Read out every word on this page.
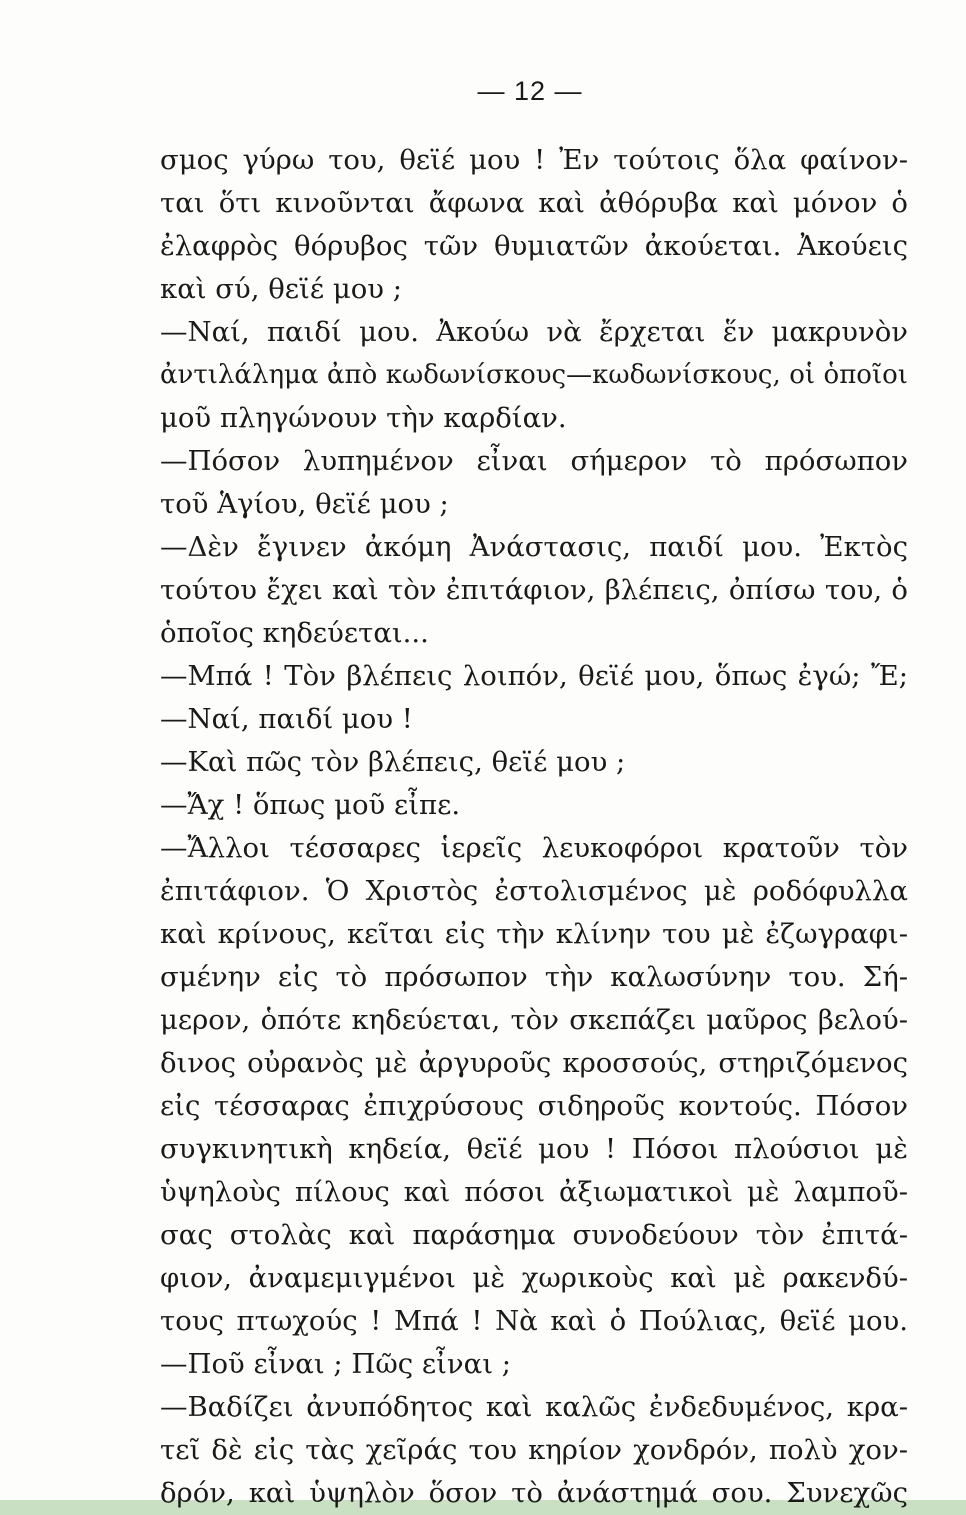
— 12 —
σμος γύρω του, θεϊέ μου ! Ἐν τούτοις ὅλα φαίνον-
ται ὅτι κινοῦνται ἄφωνα καὶ ἀθόρυβα καὶ μόνον ὁ
ἐλαφρὸς θόρυβος τῶν θυμιατῶν ἀκούεται. Ἀκούεις
καὶ σύ, θεϊέ μου ;
—Ναί, παιδί μου. Ἀκούω νὰ ἔρχεται ἕν μακρυνὸν
ἀντιλάλημα ἀπὸ κωδωνίσκους—κωδωνίσκους, οἱ ὁποῖοι
μοῦ πληγώνουν τὴν καρδίαν.
—Πόσον λυπημένον εἶναι σήμερον τὸ πρόσωπον
τοῦ Ἁγίου, θεϊέ μου ;
—Δὲν ἔγινεν ἀκόμη Ἀνάστασις, παιδί μου. Ἐκτὸς
τούτου ἔχει καὶ τὸν ἐπιτάφιον, βλέπεις, ὀπίσω του, ὁ
ὁποῖος κηδεύεται...
—Μπά ! Τὸν βλέπεις λοιπόν, θεϊέ μου, ὅπως ἐγώ; Ἔ;
—Ναί, παιδί μου !
—Καὶ πῶς τὸν βλέπεις, θεϊέ μου ;
—Ἄχ ! ὅπως μοῦ εἶπε.
—Ἄλλοι τέσσαρες ἱερεῖς λευκοφόροι κρατοῦν τὸν
ἐπιτάφιον. Ὁ Χριστὸς ἐστολισμένος μὲ ροδόφυλλα
καὶ κρίνους, κεῖται εἰς τὴν κλίνην του μὲ ἐζωγραφι-
σμένην εἰς τὸ πρόσωπον τὴν καλωσύνην του. Σή-
μερον, ὁπότε κηδεύεται, τὸν σκεπάζει μαῦρος βελού-
δινος οὐρανὸς μὲ ἀργυροῦς κροσσούς, στηριζόμενος
εἰς τέσσαρας ἐπιχρύσους σιδηροῦς κοντούς. Πόσον
συγκινητικὴ κηδεία, θεϊέ μου ! Πόσοι πλούσιοι μὲ
ὑψηλοὺς πίλους καὶ πόσοι ἀξιωματικοὶ μὲ λαμποῦ-
σας στολὰς καὶ παράσημα συνοδεύουν τὸν ἐπιτά-
φιον, ἀναμεμιγμένοι μὲ χωρικοὺς καὶ μὲ ρακενδύ-
τους πτωχούς ! Μπά ! Νὰ καὶ ὁ Πούλιας, θεϊέ μου.
—Ποῦ εἶναι ; Πῶς εἶναι ;
—Βαδίζει ἀνυπόδητος καὶ καλῶς ἐνδεδυμένος, κρα-
τεῖ δὲ εἰς τὰς χεῖράς του κηρίον χονδρόν, πολὺ χον-
δρόν, καὶ ὑψηλὸν ὅσον τὸ ἀνάστημά σου. Συνεχῶς
